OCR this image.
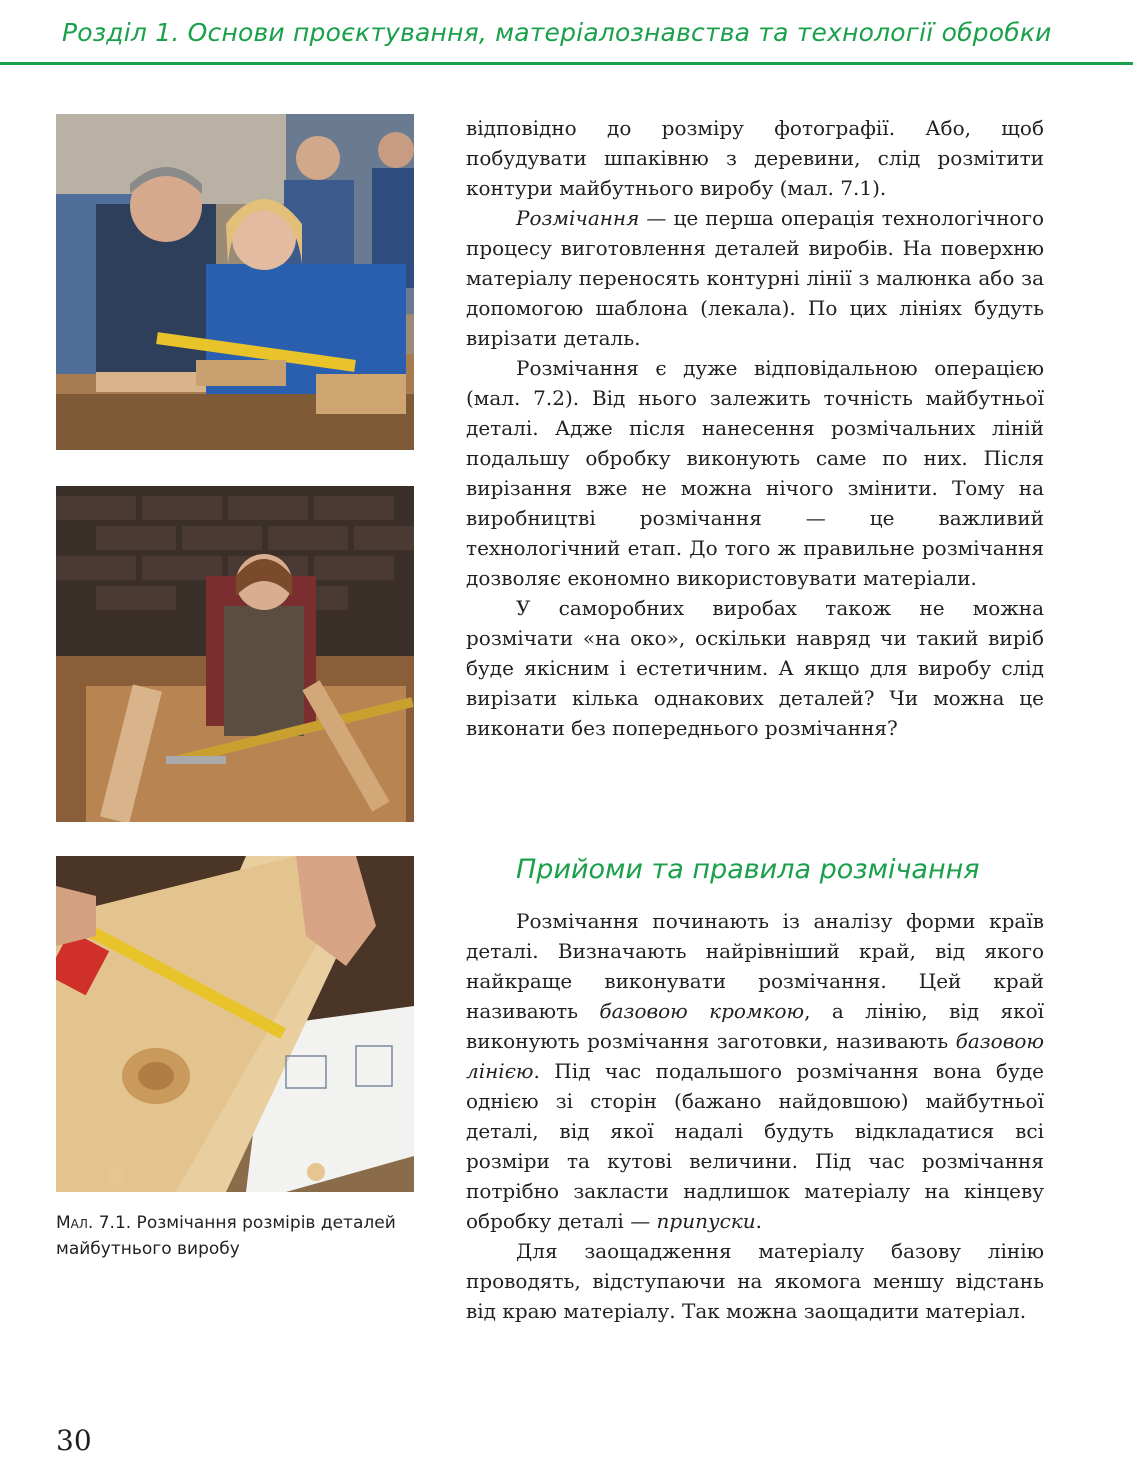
Розділ 1. Основи проєктування, матеріалознавства та технології обробки
Мал. 7.1. Розмічання розмірів деталей майбутнього виробу

відповідно до розміру фотографії. Або, щоб побудувати шпаківню з деревини, слід розмітити контури майбутнього виробу (мал. 7.1).

Розмічання — це перша операція технологічного процесу виготовлення деталей виробів. На поверхню матеріалу переносять контурні лінії з малюнка або за допомогою шаблона (лекала). По цих лініях будуть вирізати деталь.

Розмічання є дуже відповідальною операцією (мал. 7.2). Від нього залежить точність майбутньої деталі. Адже після нанесення розмічальних ліній подальшу обробку виконують саме по них. Після вирізання вже не можна нічого змінити. Тому на виробництві розмічання — це важливий технологічний етап. До того ж правильне розмічання дозволяє економно використовувати матеріали.

У саморобних виробах також не можна розмічати «на око», оскільки навряд чи такий виріб буде якісним і естетичним. А якщо для виробу слід вирізати кілька однакових деталей? Чи можна це виконати без попереднього розмічання?

Прийоми та правила розмічання

Розмічання починають із аналізу форми країв деталі. Визначають найрівніший край, від якого найкраще виконувати розмічання. Цей край називають базовою кромкою, а лінію, від якої виконують розмічання заготовки, називають базовою лінією. Під час подальшого розмічання вона буде однією зі сторін (бажано найдовшою) майбутньої деталі, від якої надалі будуть відкладатися всі розміри та кутові величини. Під час розмічання потрібно закласти надлишок матеріалу на кінцеву обробку деталі — припуски.

Для заощадження матеріалу базову лінію проводять, відступаючи на якомога меншу відстань від краю матеріалу. Так можна заощадити матеріал.

30
